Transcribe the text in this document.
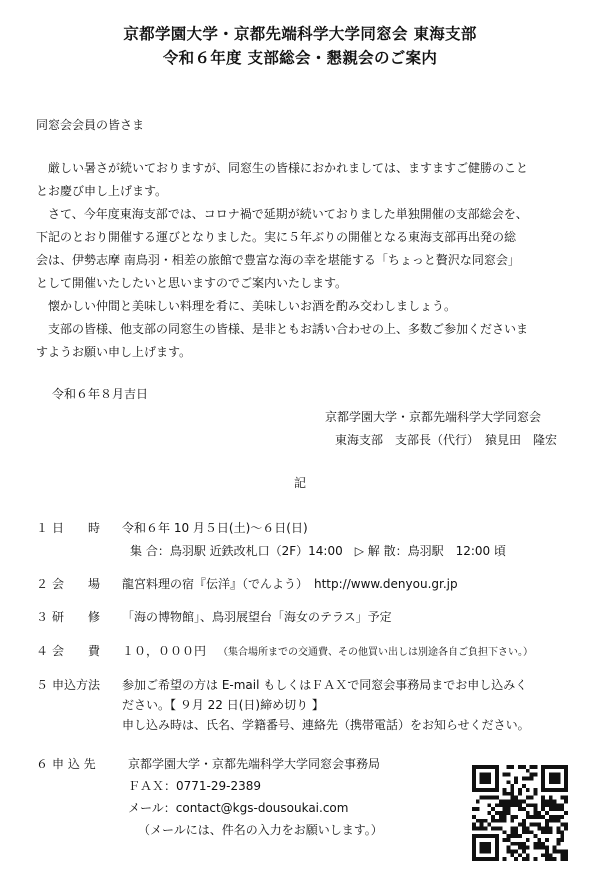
京都学園大学・京都先端科学大学同窓会 東海支部
令和６年度 支部総会・懇親会のご案内
同窓会会員の皆さま
　厳しい暑さが続いておりますが、同窓生の皆様におかれましては、ますますご健勝のこと
とお慶び申し上げます。
　さて、今年度東海支部では、コロナ禍で延期が続いておりました単独開催の支部総会を、
下記のとおり開催する運びとなりました。実に５年ぶりの開催となる東海支部再出発の総
会は、伊勢志摩 南鳥羽・相差の旅館で豊富な海の幸を堪能する「ちょっと贅沢な同窓会」
として開催いたしたいと思いますのでご案内いたします。
　懐かしい仲間と美味しい料理を肴に、美味しいお酒を酌み交わしましょう。
　支部の皆様、他支部の同窓生の皆様、是非ともお誘い合わせの上、多数ご参加くださいま
すようお願い申し上げます。
令和６年８月吉日
京都学園大学・京都先端科学大学同窓会
東海支部　支部長（代行）　猿見田　隆宏
記
１ 日　　時 令和６年 10 月５日(土)～６日(日)
集 合：鳥羽駅 近鉄改札口（2F）14:00　▷ 解 散：鳥羽駅　12:00 頃
２ 会　　場 龍宮料理の宿『伝洋』（でんよう）　http://www.denyou.gr.jp
３ 研　　修 「海の博物館」、鳥羽展望台「海女のテラス」予定
４ 会　　費 １０，０００円 （集合場所までの交通費、その他買い出しは別途各自ご負担下さい。）
５ 申込方法 参加ご希望の方は E-mail もしくはＦＡＸで同窓会事務局までお申し込みく
ださい。【 ９月 22 日(日)締め切り 】
申し込み時は、氏名、学籍番号、連絡先（携帯電話）をお知らせください。
６ 申 込 先	京都学園大学・京都先端科学大学同窓会事務局
ＦＡＸ：0771-29-2389
メール：contact@kgs-dousoukai.com
（メールには、件名の入力をお願いします。）
